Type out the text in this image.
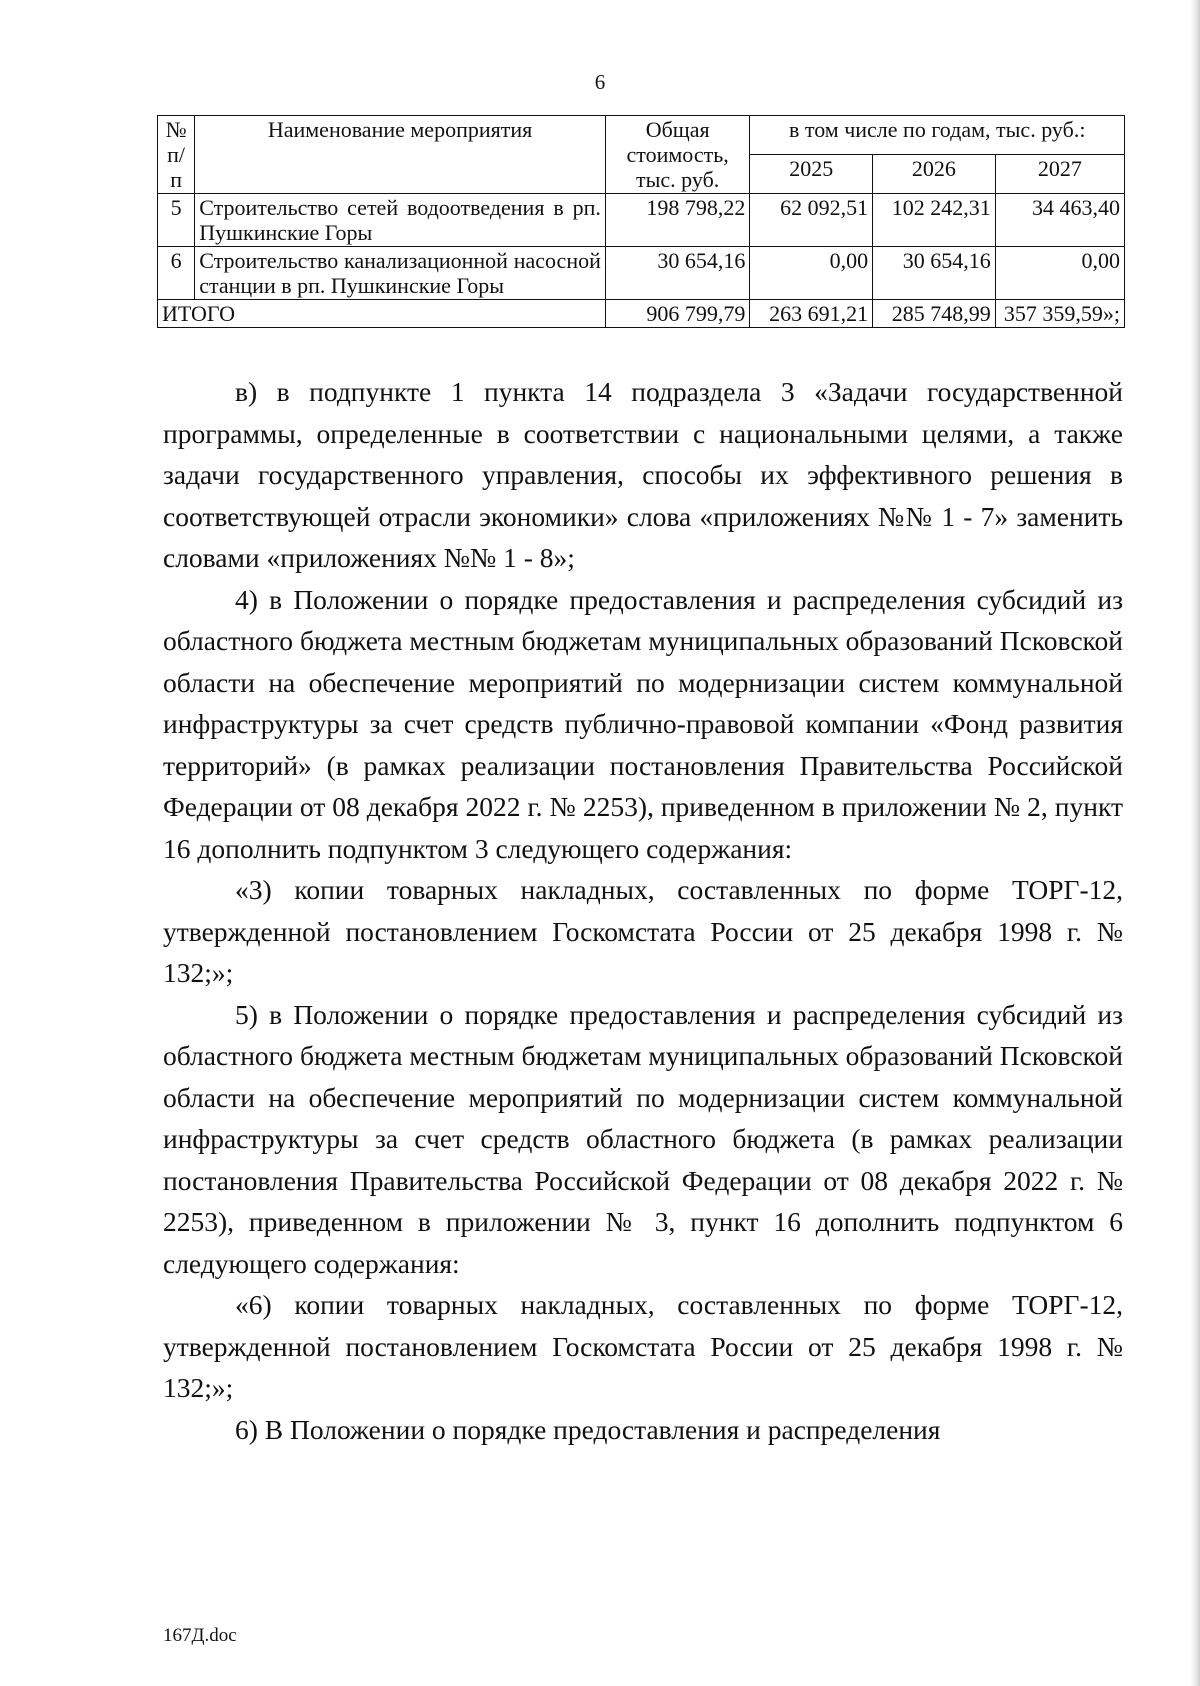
6
№ п/п	Наименование мероприятия	Общая стоимость, тыс. руб.	в том числе по годам, тыс. руб.:		
			2025	2026	2027
5	Строительство сетей водоотведения в рп. Пушкинские Горы	198 798,22	62 092,51	102 242,31	34 463,40
6	Строительство канализационной насосной станции в рп. Пушкинские Горы	30 654,16	0,00	30 654,16	0,00
ИТОГО		906 799,79	263 691,21	285 748,99	357 359,59»;

в) в подпункте 1 пункта 14 подраздела 3 «Задачи государственной программы, определенные в соответствии с национальными целями, а также задачи государственного управления, способы их эффективного решения в соответствующей отрасли экономики» слова «приложениях №№ 1 - 7» заменить словами «приложениях №№ 1 - 8»;

4) в Положении о порядке предоставления и распределения субсидий из областного бюджета местным бюджетам муниципальных образований Псковской области на обеспечение мероприятий по модернизации систем коммунальной инфраструктуры за счет средств публично-правовой компании «Фонд развития территорий» (в рамках реализации постановления Правительства Российской Федерации от 08 декабря 2022 г. № 2253), приведенном в приложении № 2, пункт 16 дополнить подпунктом 3 следующего содержания:

«3) копии товарных накладных, составленных по форме ТОРГ-12, утвержденной постановлением Госкомстата России от 25 декабря 1998 г. № 132;»;

5) в Положении о порядке предоставления и распределения субсидий из областного бюджета местным бюджетам муниципальных образований Псковской области на обеспечение мероприятий по модернизации систем коммунальной инфраструктуры за счет средств областного бюджета (в рамках реализации постановления Правительства Российской Федерации от 08 декабря 2022 г. № 2253), приведенном в приложении № 3, пункт 16 дополнить подпунктом 6 следующего содержания:

«6) копии товарных накладных, составленных по форме ТОРГ-12, утвержденной постановлением Госкомстата России от 25 декабря 1998 г. № 132;»;

6) В Положении о порядке предоставления и распределения

167Д.doc
